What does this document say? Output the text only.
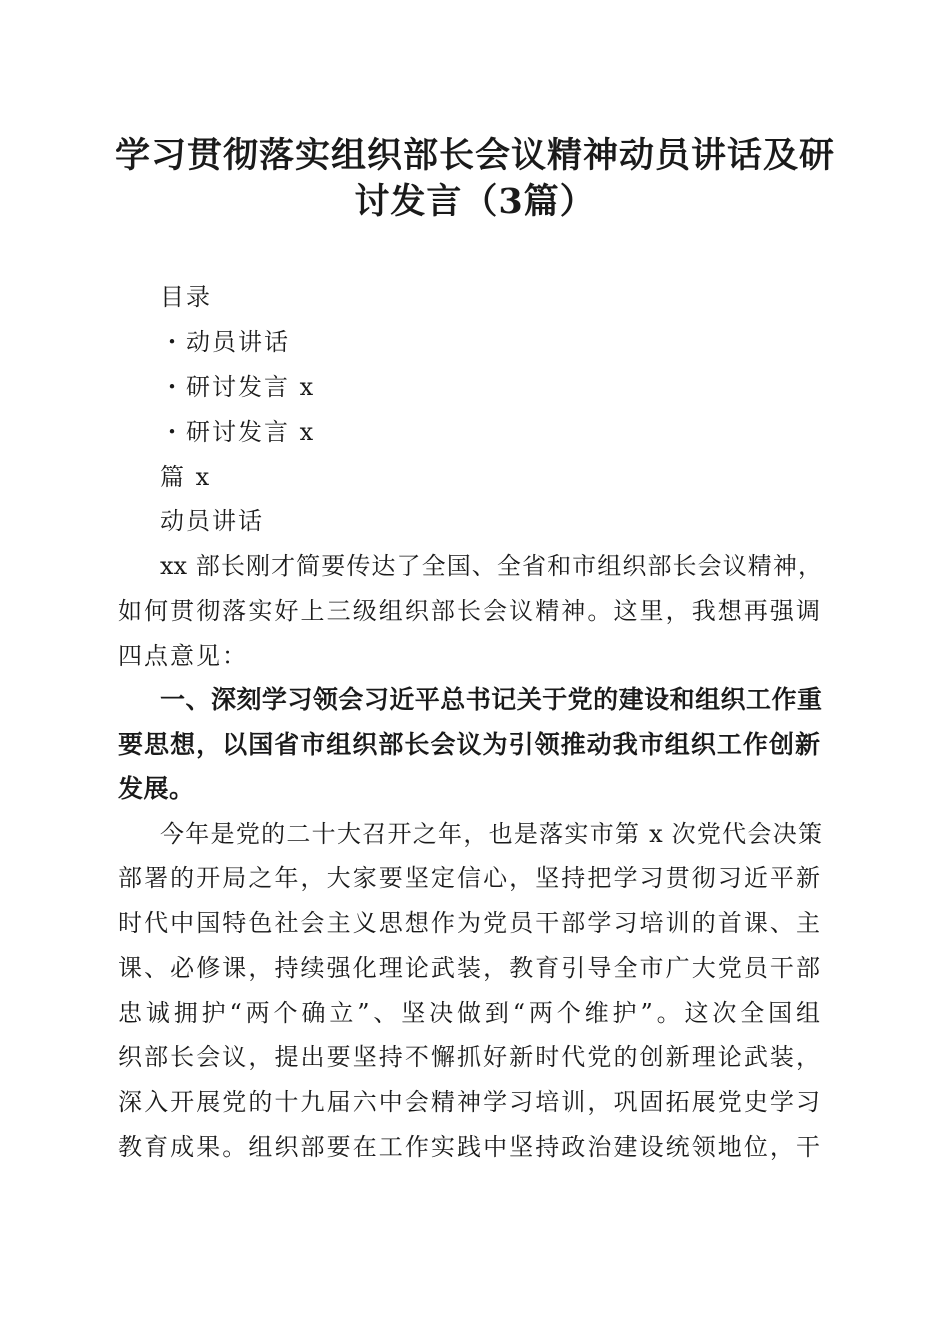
学习贯彻落实组织部长会议精神动员讲话及研
讨发言（3篇）
目录
・动员讲话
・研讨发言 x
・研讨发言 x
篇 x
动员讲话
xx 部长刚才简要传达了全国、全省和市组织部长会议精神，
如何贯彻落实好上三级组织部长会议精神。这里，我想再强调
四点意见：
一、深刻学习领会习近平总书记关于党的建设和组织工作重
要思想，以国省市组织部长会议为引领推动我市组织工作创新
发展。
今年是党的二十大召开之年，也是落实市第 x 次党代会决策
部署的开局之年，大家要坚定信心，坚持把学习贯彻习近平新
时代中国特色社会主义思想作为党员干部学习培训的首课、主
课、必修课，持续强化理论武装，教育引导全市广大党员干部
忠诚拥护“两个确立”、坚决做到“两个维护”。这次全国组
织部长会议，提出要坚持不懈抓好新时代党的创新理论武装，
深入开展党的十九届六中会精神学习培训，巩固拓展党史学习
教育成果。组织部要在工作实践中坚持政治建设统领地位，干
